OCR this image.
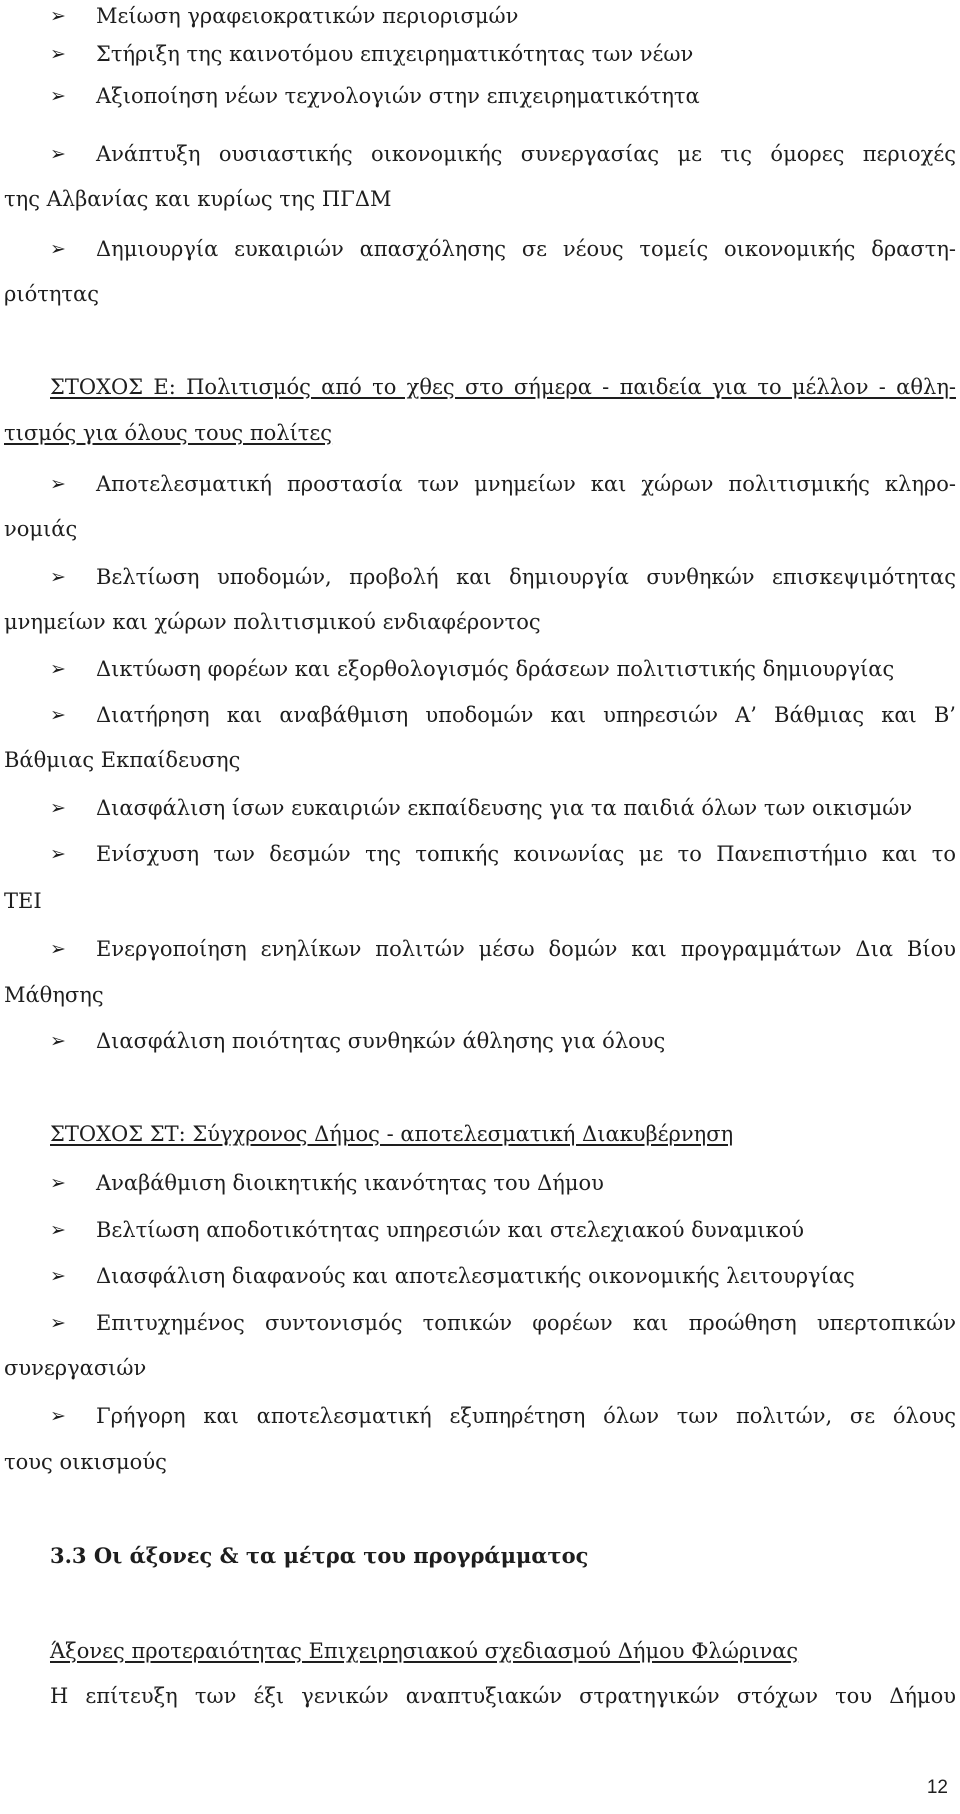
➢ Μείωση γραφειοκρατικών περιορισμών
➢ Στήριξη της καινοτόμου επιχειρηματικότητας των νέων
➢ Αξιοποίηση νέων τεχνολογιών στην επιχειρηματικότητα
➢ Ανάπτυξη ουσιαστικής οικονομικής συνεργασίας με τις όμορες περιοχές
της Αλβανίας και κυρίως της ΠΓΔΜ
➢ Δημιουργία ευκαιριών απασχόλησης σε νέους τομείς οικονομικής δραστη-
ριότητας
ΣΤΟΧΟΣ Ε: Πολιτισμός από το χθες στο σήμερα - παιδεία για το μέλλον - αθλη-
τισμός για όλους τους πολίτες
➢ Αποτελεσματική προστασία των μνημείων και χώρων πολιτισμικής κληρο-
νομιάς
➢ Βελτίωση υποδομών, προβολή και δημιουργία συνθηκών επισκεψιμότητας
μνημείων και χώρων πολιτισμικού ενδιαφέροντος
➢ Δικτύωση φορέων και εξορθολογισμός δράσεων πολιτιστικής δημιουργίας
➢ Διατήρηση και αναβάθμιση υποδομών και υπηρεσιών Α’ Βάθμιας και Β’
Βάθμιας Εκπαίδευσης
➢ Διασφάλιση ίσων ευκαιριών εκπαίδευσης για τα παιδιά όλων των οικισμών
➢ Ενίσχυση των δεσμών της τοπικής κοινωνίας με το Πανεπιστήμιο και το
ΤΕΙ
➢ Ενεργοποίηση ενηλίκων πολιτών μέσω δομών και προγραμμάτων Δια Βίου
Μάθησης
➢ Διασφάλιση ποιότητας συνθηκών άθλησης για όλους
ΣΤΟΧΟΣ ΣΤ: Σύγχρονος Δήμος - αποτελεσματική Διακυβέρνηση
➢ Αναβάθμιση διοικητικής ικανότητας του Δήμου
➢ Βελτίωση αποδοτικότητας υπηρεσιών και στελεχιακού δυναμικού
➢ Διασφάλιση διαφανούς και αποτελεσματικής οικονομικής λειτουργίας
➢ Επιτυχημένος συντονισμός τοπικών φορέων και προώθηση υπερτοπικών
συνεργασιών
➢ Γρήγορη και αποτελεσματική εξυπηρέτηση όλων των πολιτών, σε όλους
τους οικισμούς
3.3 Οι άξονες & τα μέτρα του προγράμματος
Άξονες προτεραιότητας Επιχειρησιακού σχεδιασμού Δήμου Φλώρινας
Η επίτευξη των έξι γενικών αναπτυξιακών στρατηγικών στόχων του Δήμου
12
